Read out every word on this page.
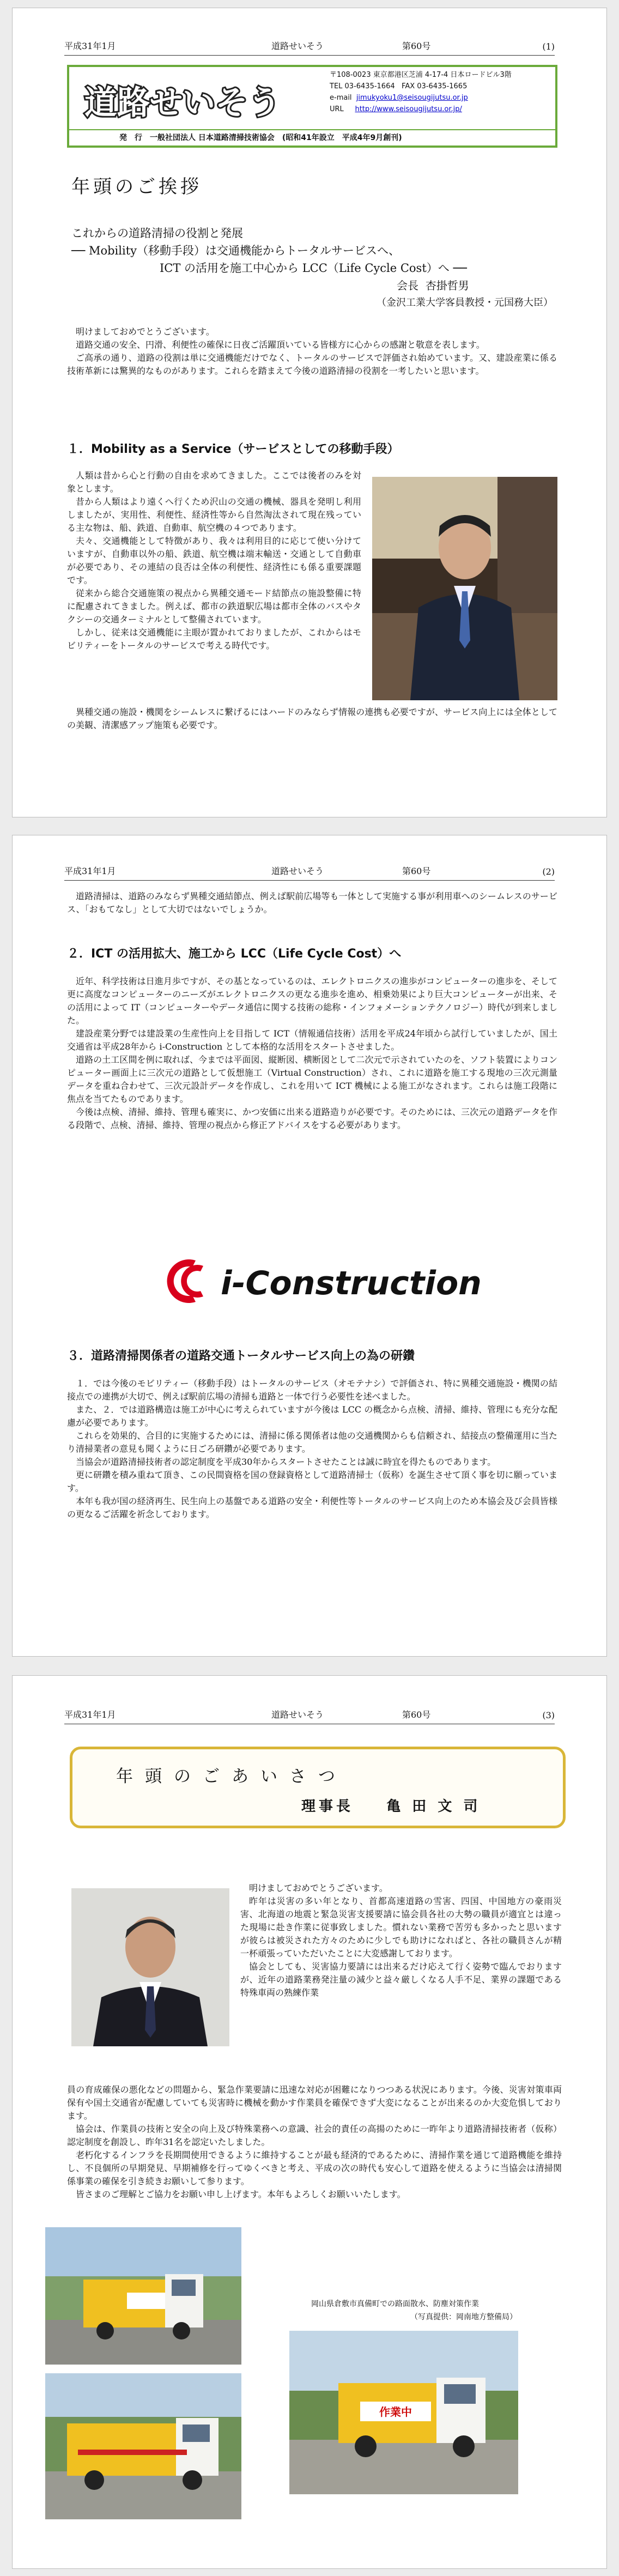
平成31年1月	道路せいそう	第60号	(1)
道路せいそう
〒108-0023 東京都港区芝浦 4-17-4 日本ロードビル3階
TEL 03-6435-1664 FAX 03-6435-1665
e-mail jimukyoku1@seisougijutsu.or.jp
URL http://www.seisougijutsu.or.jp/
発　行　一般社団法人 日本道路清掃技術協会　(昭和41年設立　平成4年9月創刊)
年頭のご挨拶
これからの道路清掃の役割と発展
── Mobility（移動手段）は交通機能からトータルサービスへ、
ICT の活用を施工中心から LCC（Life Cycle Cost）へ ──
会長 杏掛哲男
（金沢工業大学客員教授・元国務大臣）
明けましておめでとうございます。
道路交通の安全、円滑、利便性の確保に日夜ご活躍頂いている皆様方に心からの感謝と敬意を表します。
ご高承の通り、道路の役割は単に交通機能だけでなく、トータルのサービスで評価され始めています。又、建設産業に係る技術革新には驚異的なものがあります。これらを踏まえて今後の道路清掃の役割を一考したいと思います。
１．Mobility as a Service（サービスとしての移動手段）
人類は昔から心と行動の自由を求めてきました。ここでは後者のみを対象とします。
昔から人類はより遠くへ行くため沢山の交通の機械、器具を発明し利用しましたが、実用性、利便性、経済性等から自然淘汰されて現在残っている主な物は、船、鉄道、自動車、航空機の４つであります。
夫々、交通機能として特徴があり、我々は利用目的に応じて使い分けていますが、自動車以外の船、鉄道、航空機は端末輸送・交通として自動車が必要であり、その連結の良否は全体の利便性、経済性にも係る重要課題です。
従来から総合交通施策の視点から異種交通モード結節点の施設整備に特に配慮されてきました。例えば、都市の鉄道駅広場は都市全体のバスやタクシーの交通ターミナルとして整備されています。
しかし、従来は交通機能に主眼が置かれておりましたが、これからはモビリティーをトータルのサービスで考える時代です。
異種交通の施設・機関をシームレスに繋げるにはハードのみならず情報の連携も必要ですが、サービス向上には全体としての美観、清潔感アップ施策も必要です。
平成31年1月	道路せいそう	第60号	(2)
道路清掃は、道路のみならず異種交通結節点、例えば駅前広場等も一体として実施する事が利用車へのシームレスのサービス、「おもてなし」として大切ではないでしょうか。
２．ICT の活用拡大、施工から LCC（Life Cycle Cost）へ
近年、科学技術は日進月歩ですが、その基となっているのは、エレクトロニクスの進歩がコンピューターの進歩を、そして更に高度なコンピューターのニーズがエレクトロニクスの更なる進歩を進め、相乗効果により巨大コンピューターが出来、その活用によって IT（コンピューターやデータ通信に関する技術の総称・インフォメーションテクノロジー）時代が到来しました。
建設産業分野では建設業の生産性向上を目指して ICT（情報通信技術）活用を平成24年頃から試行していましたが、国土交通省は平成28年から i-Construction として本格的な活用をスタートさせました。
道路の土工区間を例に取れば、今までは平面図、縦断図、横断図として二次元で示されていたのを、ソフト装置によりコンピューター画面上に三次元の道路として仮想施工（Virtual Construction）され、これに道路を施工する現地の三次元測量データを重ね合わせて、三次元設計データを作成し、これを用いて ICT 機械による施工がなされます。これらは施工段階に焦点を当てたものであります。
今後は点検、清掃、維持、管理も確実に、かつ安価に出来る道路造りが必要です。そのためには、三次元の道路データを作る段階で、点検、清掃、維持、管理の視点から修正アドバイスをする必要があります。
i-Construction
３．道路清掃関係者の道路交通トータルサービス向上の為の研鑽
１．では今後のモビリティー（移動手段）はトータルのサービス（オモテナシ）で評価され、特に異種交通施設・機関の結接点での連携が大切で、例えば駅前広場の清掃も道路と一体で行う必要性を述べました。
また、２．では道路構造は施工が中心に考えられていますが今後は LCC の概念から点検、清掃、維持、管理にも充分な配慮が必要であります。
これらを効果的、合目的に実施するためには、清掃に係る関係者は他の交通機関からも信頼され、結接点の整備運用に当たり清掃業者の意見も聞くように日ごろ研鑽が必要であります。
当協会が道路清掃技術者の認定制度を平成30年からスタートさせたことは誠に時宜を得たものであります。
更に研鑽を積み重ねて頂き、この民間資格を国の登録資格として道路清掃士（仮称）を誕生させて頂く事を切に願っています。
本年も我が国の経済再生、民生向上の基盤である道路の安全・利便性等トータルのサービス向上のため本協会及び会員皆様の更なるご活躍を祈念しております。
平成31年1月	道路せいそう	第60号	(3)
年頭のごあいさつ
理事長 亀 田 文 司
明けましておめでとうございます。
昨年は災害の多い年となり、首都高速道路の雪害、四国、中国地方の豪雨災害、北海道の地震と緊急災害支援要請に協会員各社の大勢の職員が適宜とは違った現場に赴き作業に従事致しました。慣れない業務で苦労も多かったと思いますが彼らは被災された方々のために少しでも助けになればと、各社の職員さんが精一杯頑張っていただいたことに大変感謝しております。
協会としても、災害協力要請には出来るだけ応えて行く姿勢で臨んでおりますが、近年の道路業務発注量の減少と益々厳しくなる人手不足、業界の課題である特殊車両の熟練作業
員の育成確保の悪化などの問題から、緊急作業要請に迅速な対応が困難になりつつある状況にあります。今後、災害対策車両保有や国土交通省が配慮していても災害時に機械を動かす作業員を確保できず大変になることが出来るのか大変危惧しております。
協会は、作業員の技術と安全の向上及び特殊業務への意識、社会的責任の高揚のために一昨年より道路清掃技術者（仮称）認定制度を創設し、昨年31名を認定いたしました。
老朽化するインフラを長期間使用できるように維持することが最も経済的であるために、清掃作業を通じて道路機能を維持し、不良個所の早期発見、早期補修を行ってゆくべきと考え、平成の次の時代も安心して道路を使えるように当協会は清掃関係事業の確保を引き続きお願いして参ります。
皆さまのご理解とご協力をお願い申し上げます。本年もよろしくお願いいたします。
作業中
岡山県倉敷市真備町での路面散水、防塵対策作業
（写真提供：岡南地方整備局）
